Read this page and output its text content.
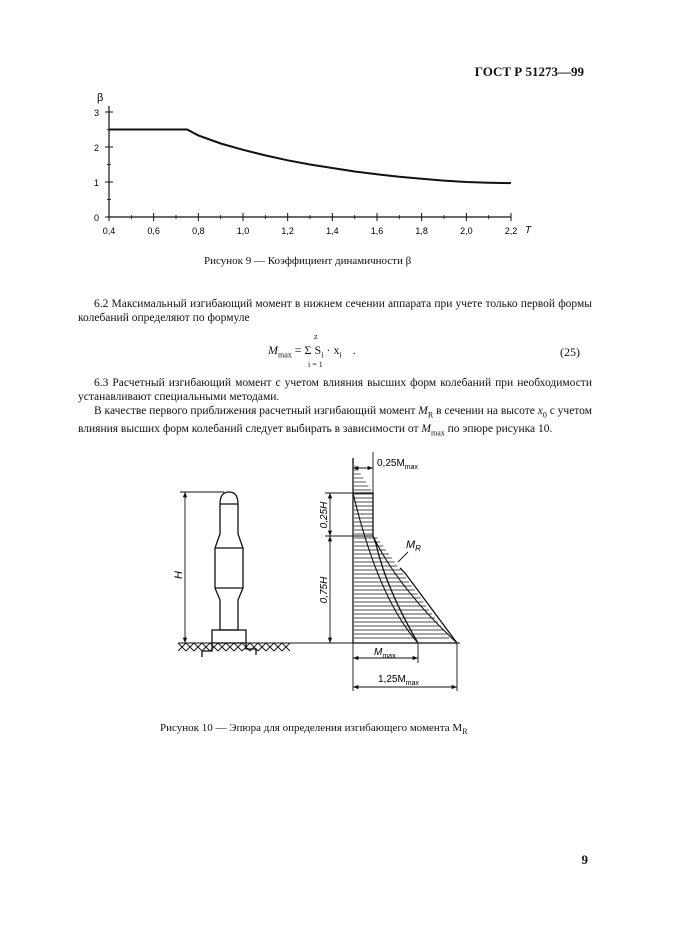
ГОСТ Р 51273—99
β
T
0,4	0,6	0,8	1,0	1,2	1,4	1,6	1,8	2,0	2,2
0
1
2
3
Рисунок 9 — Коэффициент динамичности β
6.2 Максимальный изгибающий момент в нижнем сечении аппарата при учете только первой формы колебаний определяют по формуле
z
$M_{max} = \Sigma$ $S_i \cdot x_i$ .
i = 1
(25)
6.3 Расчетный изгибающий момент с учетом влияния высших форм колебаний при необходимости устанавливают специальными методами.
В качестве первого приближения расчетный изгибающий момент $M_R$ в сечении на высоте $x_0$ с учетом влияния высших форм колебаний следует выбирать в зависимости от $M_{max}$ по эпюре рисунка 10.
H
0,25H
0,75H
$0,25M_{max}$
$M_R$
$M_{max}$
$1,25M_{max}$
Рисунок 10 — Эпюра для определения изгибающего момента $M_R$
9
